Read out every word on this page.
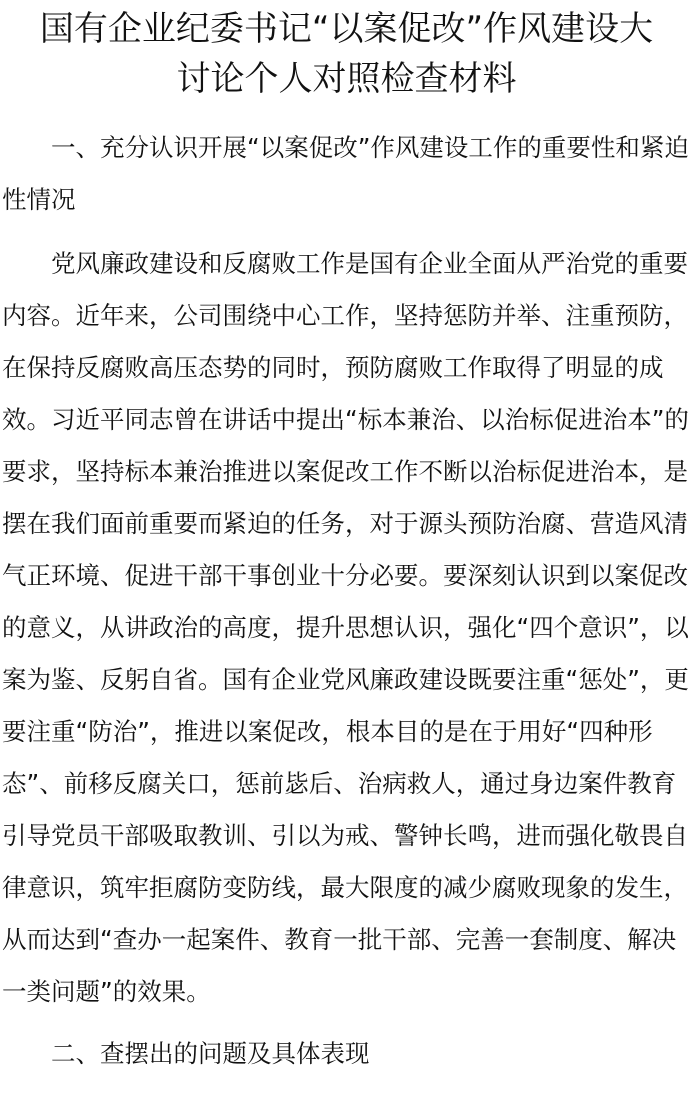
国有企业纪委书记“以案促改”作风建设大
讨论个人对照检查材料

一、充分认识开展“以案促改”作风建设工作的重要性和紧迫性情况

党风廉政建设和反腐败工作是国有企业全面从严治党的重要内容。近年来，公司围绕中心工作，坚持惩防并举、注重预防，在保持反腐败高压态势的同时，预防腐败工作取得了明显的成效。习近平同志曾在讲话中提出“标本兼治、以治标促进治本”的要求，坚持标本兼治推进以案促改工作不断以治标促进治本，是摆在我们面前重要而紧迫的任务，对于源头预防治腐、营造风清气正环境、促进干部干事创业十分必要。要深刻认识到以案促改的意义，从讲政治的高度，提升思想认识，强化“四个意识”，以案为鉴、反躬自省。国有企业党风廉政建设既要注重“惩处”，更要注重“防治”，推进以案促改，根本目的是在于用好“四种形态”、前移反腐关口，惩前毖后、治病救人，通过身边案件教育引导党员干部吸取教训、引以为戒、警钟长鸣，进而强化敬畏自律意识，筑牢拒腐防变防线，最大限度的减少腐败现象的发生，从而达到“查办一起案件、教育一批干部、完善一套制度、解决一类问题”的效果。

二、查摆出的问题及具体表现
